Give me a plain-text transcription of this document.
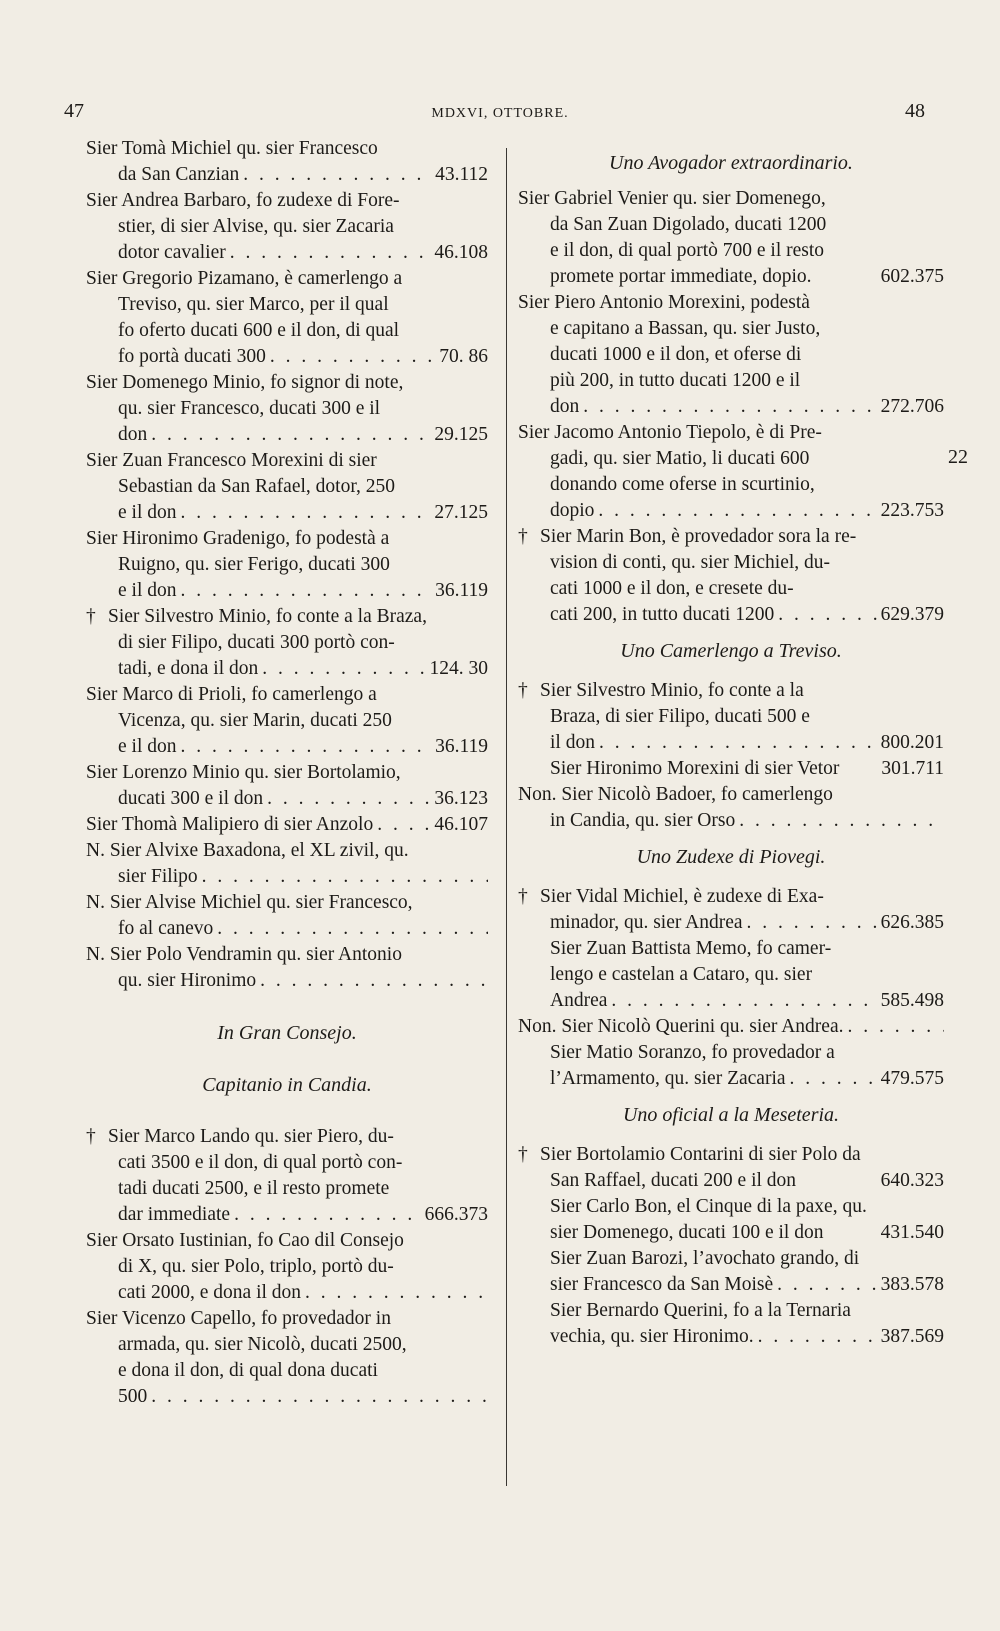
47	MDXVI, OTTOBRE.	48
22
Sier Tomà Michiel qu. sier Francesco
da San Canzian . . .	43.112
Sier Andrea Barbaro, fo zudexe di Fore-
stier, di sier Alvise, qu. sier Zacaria
dotor cavalier . . .	46.108
Sier Gregorio Pizamano, è camerlengo a
Treviso, qu. sier Marco, per il qual
fo oferto ducati 600 e il don, di qual
fo portà ducati 300 . . .	70. 86
Sier Domenego Minio, fo signor di note,
qu. sier Francesco, ducati 300 e il
don . . .	29.125
Sier Zuan Francesco Morexini di sier
Sebastian da San Rafael, dotor, 250
e il don . . .	27.125
Sier Hironimo Gradenigo, fo podestà a
Ruigno, qu. sier Ferigo, ducati 300
e il don . . .	36.119
† Sier Silvestro Minio, fo conte a la Braza,
di sier Filipo, ducati 300 portò con-
tadi, e dona il don . . .	124. 30
Sier Marco di Prioli, fo camerlengo a
Vicenza, qu. sier Marin, ducati 250
e il don . . .	36.119
Sier Lorenzo Minio qu. sier Bortolamio,
ducati 300 e il don . . .	36.123
Sier Thomà Malipiero di sier Anzolo . . .	46.107
N. Sier Alvixe Baxadona, el XL zivil, qu.
sier Filipo
. . .
N. Sier Alvise Michiel qu. sier Francesco,
fo al canevo
. . .
N. Sier Polo Vendramin qu. sier Antonio
qu. sier Hironimo
. . .
In Gran Consejo.
Capitanio in Candia.
† Sier Marco Lando qu. sier Piero, du-
cati 3500 e il don, di qual portò con-
tadi ducati 2500, e il resto promete
dar immediate . . .	666.373
Sier Orsato Iustinian, fo Cao dil Consejo
di X, qu. sier Polo, triplo, portò du-
cati 2000, e dona il don
. . .
Sier Vicenzo Capello, fo provedador in
armada, qu. sier Nicolò, ducati 2500,
e dona il don, di qual dona ducati
500
. . .
Uno Avogador extraordinario.
Sier Gabriel Venier qu. sier Domenego,
da San Zuan Digolado, ducati 1200
e il don, di qual portò 700 e il resto
promete portar immediate, dopio.	602.375
Sier Piero Antonio Morexini, podestà
e capitano a Bassan, qu. sier Justo,
ducati 1000 e il don, et oferse di
più 200, in tutto ducati 1200 e il
don . . .	272.706
Sier Jacomo Antonio Tiepolo, è di Pre-
gadi, qu. sier Matio, li ducati 600
donando come oferse in scurtinio,
dopio . . .	223.753
† Sier Marin Bon, è provedador sora la re-
vision di conti, qu. sier Michiel, du-
cati 1000 e il don, e cresete du-
cati 200, in tutto ducati 1200 . . .	629.379
Uno Camerlengo a Treviso.
† Sier Silvestro Minio, fo conte a la
Braza, di sier Filipo, ducati 500 e
il don . . .	800.201
Sier Hironimo Morexini di sier Vetor 301.711
Non. Sier Nicolò Badoer, fo camerlengo
in Candia, qu. sier Orso
. . .
Uno Zudexe di Piovegi.
† Sier Vidal Michiel, è zudexe di Exa-
minador, qu. sier Andrea . . .	626.385
Sier Zuan Battista Memo, fo camer-
lengo e castelan a Cataro, qu. sier
Andrea . . .	585.498
Non. Sier Nicolò Querini qu. sier Andrea.
. . .
Sier Matio Soranzo, fo provedador a
l’Armamento, qu. sier Zacaria . . .	479.575
Uno oficial a la Meseteria.
† Sier Bortolamio Contarini di sier Polo da
San Raffael, ducati 200 e il don	640.323
Sier Carlo Bon, el Cinque di la paxe, qu.
sier Domenego, ducati 100 e il don	431.540
Sier Zuan Barozi, l’avochato grando, di
sier Francesco da San Moisè . . .	383.578
Sier Bernardo Querini, fo a la Ternaria
vechia, qu. sier Hironimo. . . .	387.569
